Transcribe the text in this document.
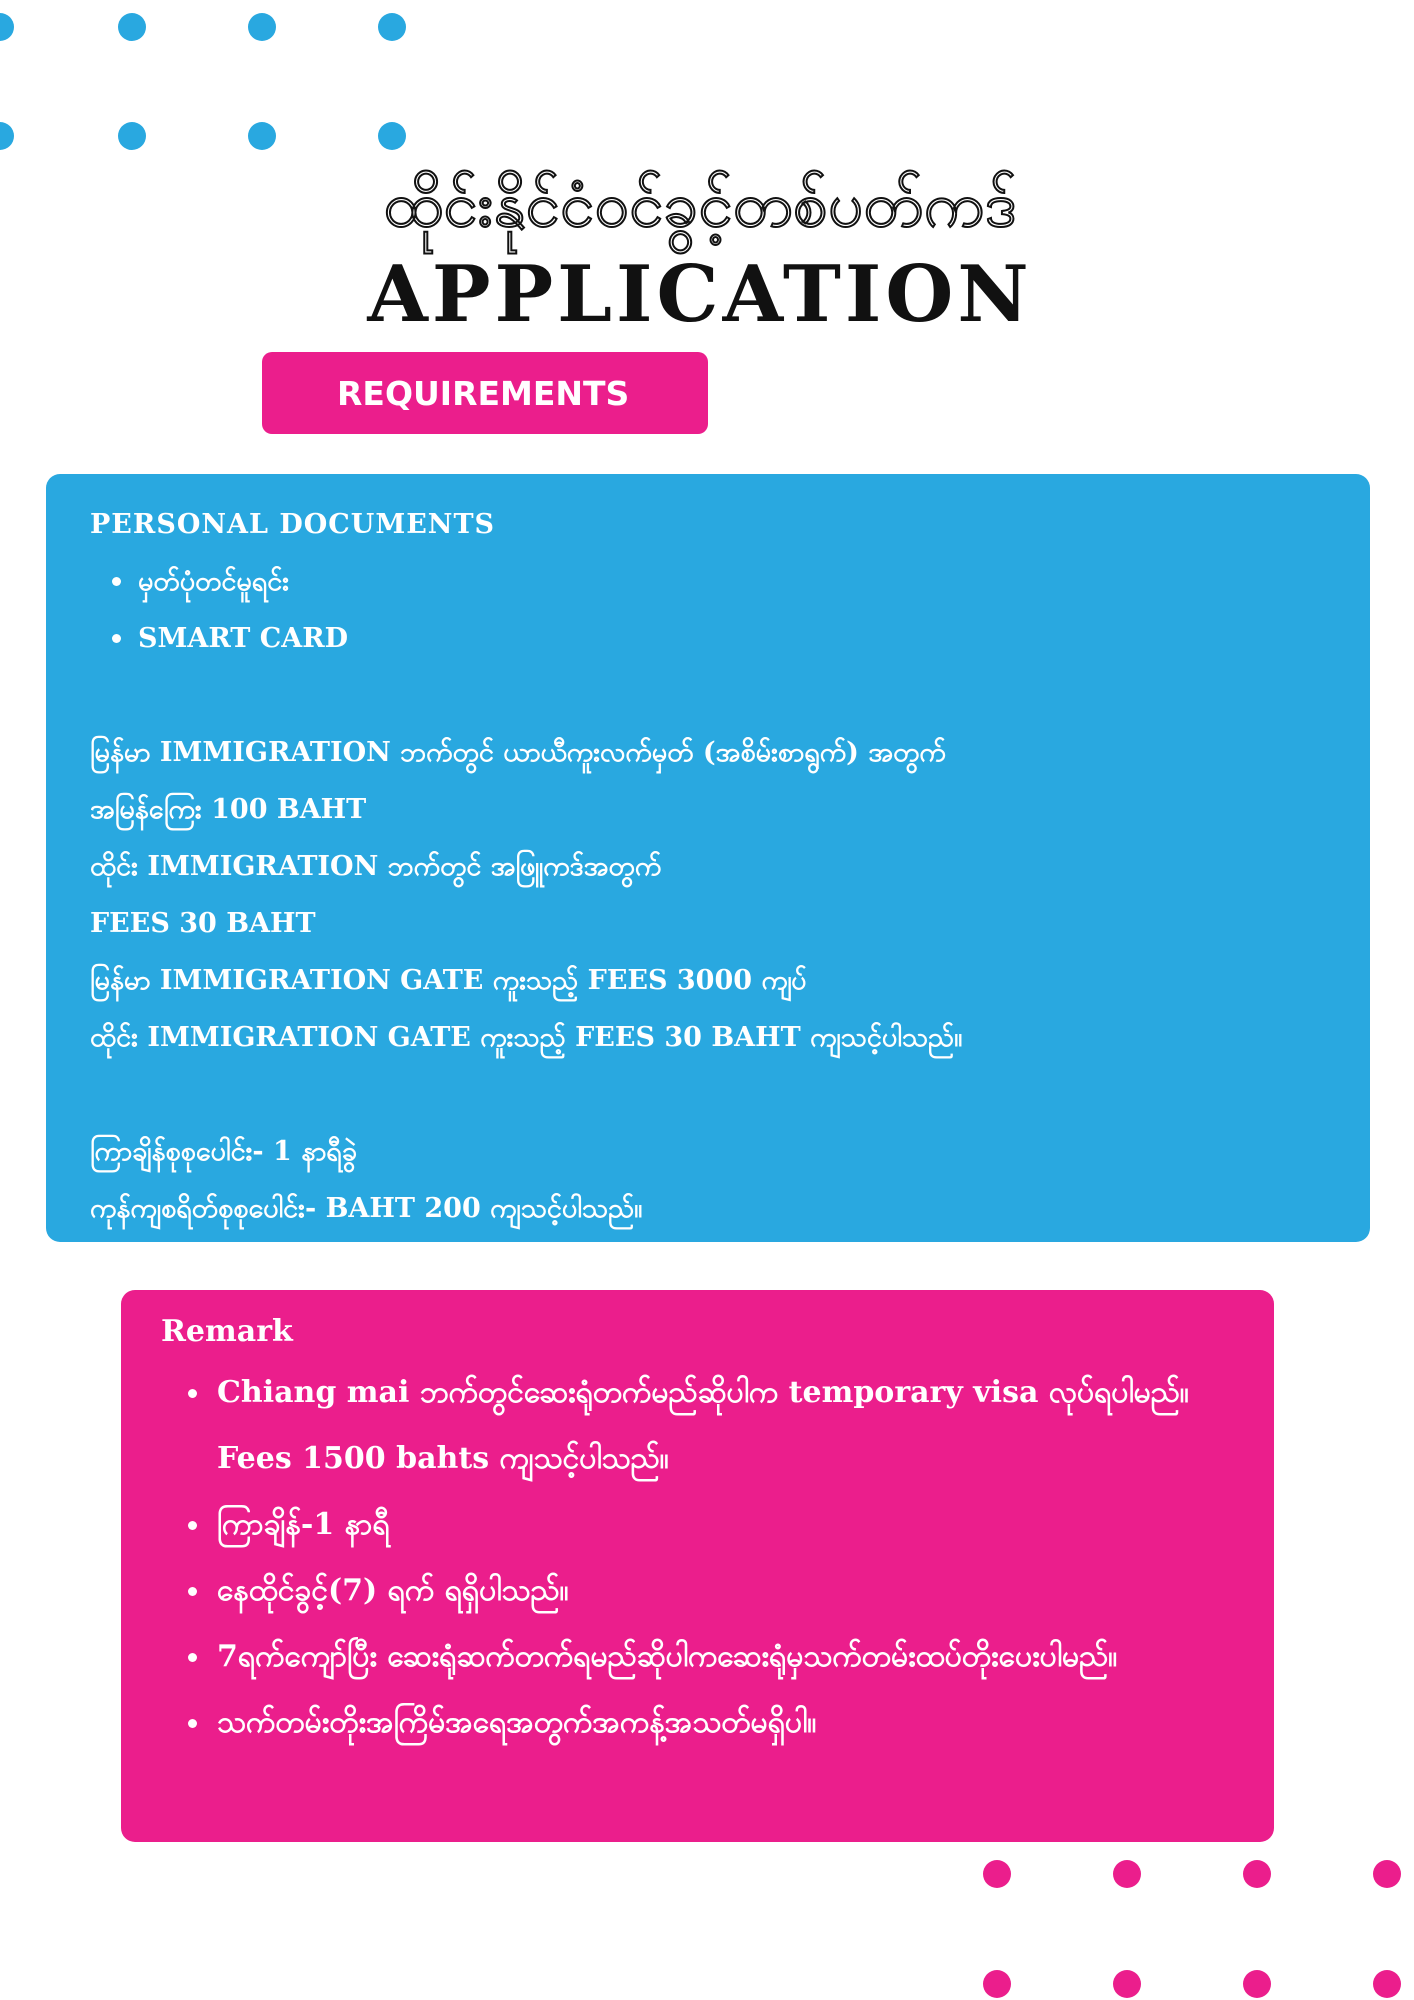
ထိုင်းနိုင်ငံဝင်ခွင့်တစ်ပတ်ကဒ်
APPLICATION
REQUIREMENTS
PERSONAL DOCUMENTS
မှတ်ပုံတင်မူရင်း
SMART CARD
မြန်မာ IMMIGRATION ဘက်တွင် ယာယီကူးလက်မှတ် (အစိမ်းစာရွက်) အတွက်
အမြန်ကြေး 100 BAHT
ထိုင်း IMMIGRATION ဘက်တွင် အဖြူကဒ်အတွက်
FEES 30 BAHT
မြန်မာ IMMIGRATION GATE ကူးသည့် FEES 3000 ကျပ်
ထိုင်း IMMIGRATION GATE ကူးသည့် FEES 30 BAHT ကျသင့်ပါသည်။
ကြာချိန်စုစုပေါင်း- 1 နာရီခွဲ
ကုန်ကျစရိတ်စုစုပေါင်း- BAHT 200 ကျသင့်ပါသည်။
Remark
Chiang mai ဘက်တွင်ဆေးရုံတက်မည်ဆိုပါက temporary visa လုပ်ရပါမည်။Fees 1500 bahts ကျသင့်ပါသည်။
ကြာချိန်-1 နာရီ
နေထိုင်ခွင့်(7) ရက် ရရှိပါသည်။
7ရက်ကျော်ပြီး ဆေးရုံဆက်တက်ရမည်ဆိုပါကဆေးရုံမှသက်တမ်းထပ်တိုးပေးပါမည်။
သက်တမ်းတိုးအကြိမ်အရေအတွက်အကန့်အသတ်မရှိပါ။
